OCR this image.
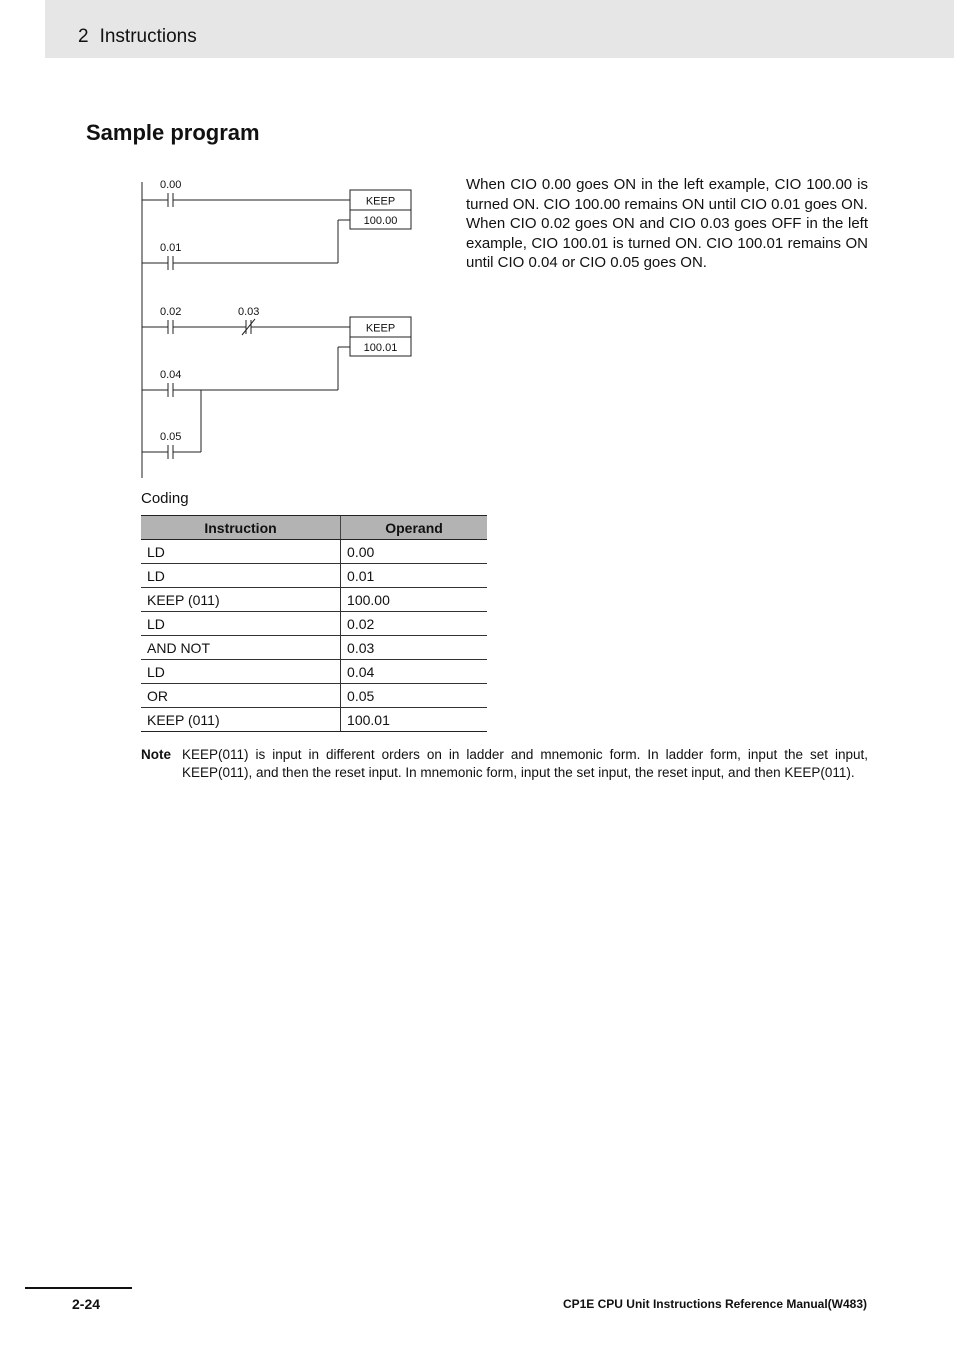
2 Instructions
Sample program
0.00
0.01
0.02	0.03
0.04
0.05
KEEP
100.00
KEEP
100.01

When CIO 0.00 goes ON in the left example, CIO 100.00 is turned ON. CIO 100.00 remains ON until CIO 0.01 goes ON.

When CIO 0.02 goes ON and CIO 0.03 goes OFF in the left example, CIO 100.01 is turned ON. CIO 100.01 remains ON until CIO 0.04 or CIO 0.05 goes ON.

Coding
Instruction	Operand
LD	0.00
LD	0.01
KEEP (011)	100.00
LD	0.02
AND NOT	0.03
LD	0.04
OR	0.05
KEEP (011)	100.01
Note KEEP(011) is input in different orders on in ladder and mnemonic form. In ladder form, input the set input, KEEP(011), and then the reset input. In mnemonic form, input the set input, the reset input, and then KEEP(011).
2-24	CP1E CPU Unit Instructions Reference Manual(W483)
